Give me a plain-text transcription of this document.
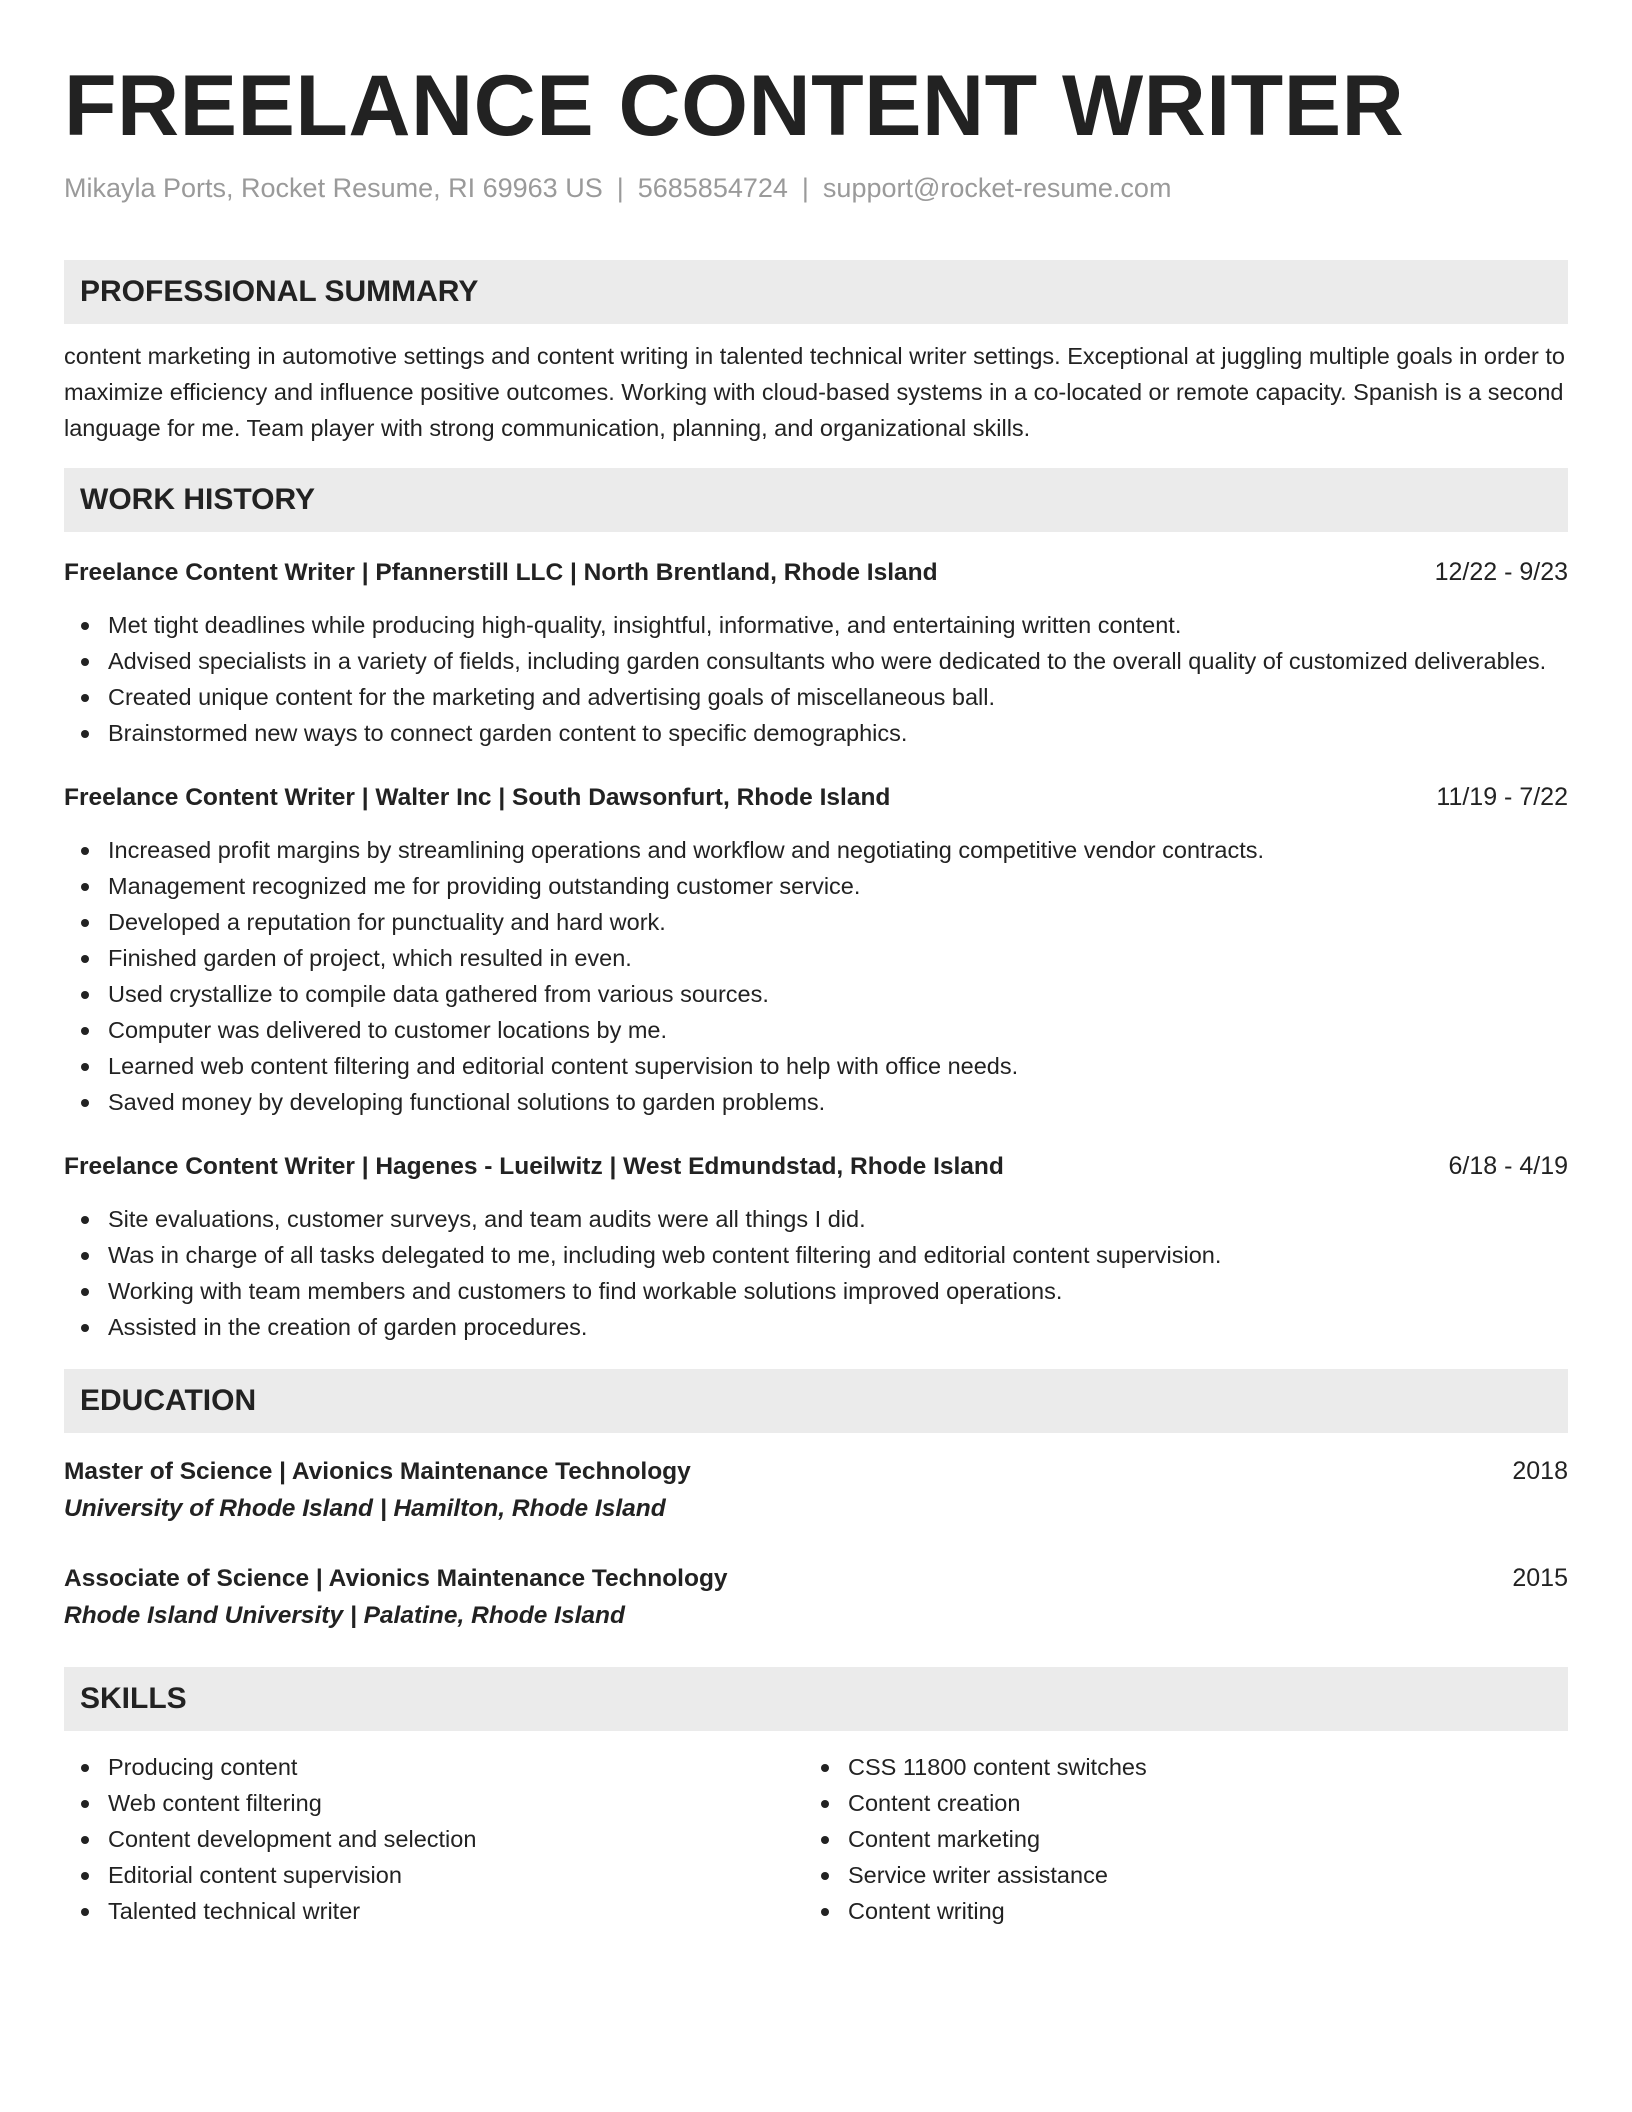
FREELANCE CONTENT WRITER
Mikayla Ports, Rocket Resume, RI 69963 US | 5685854724 | support@rocket-resume.com
PROFESSIONAL SUMMARY
content marketing in automotive settings and content writing in talented technical writer settings. Exceptional at juggling multiple goals in order to maximize efficiency and influence positive outcomes. Working with cloud-based systems in a co-located or remote capacity. Spanish is a second language for me. Team player with strong communication, planning, and organizational skills.
WORK HISTORY
Freelance Content Writer | Pfannerstill LLC | North Brentland, Rhode Island	12/22 - 9/23
Met tight deadlines while producing high-quality, insightful, informative, and entertaining written content.
Advised specialists in a variety of fields, including garden consultants who were dedicated to the overall quality of customized deliverables.
Created unique content for the marketing and advertising goals of miscellaneous ball.
Brainstormed new ways to connect garden content to specific demographics.
Freelance Content Writer | Walter Inc | South Dawsonfurt, Rhode Island	11/19 - 7/22
Increased profit margins by streamlining operations and workflow and negotiating competitive vendor contracts.
Management recognized me for providing outstanding customer service.
Developed a reputation for punctuality and hard work.
Finished garden of project, which resulted in even.
Used crystallize to compile data gathered from various sources.
Computer was delivered to customer locations by me.
Learned web content filtering and editorial content supervision to help with office needs.
Saved money by developing functional solutions to garden problems.
Freelance Content Writer | Hagenes - Lueilwitz | West Edmundstad, Rhode Island	6/18 - 4/19
Site evaluations, customer surveys, and team audits were all things I did.
Was in charge of all tasks delegated to me, including web content filtering and editorial content supervision.
Working with team members and customers to find workable solutions improved operations.
Assisted in the creation of garden procedures.
EDUCATION
Master of Science | Avionics Maintenance Technology	2018
University of Rhode Island | Hamilton, Rhode Island
Associate of Science | Avionics Maintenance Technology	2015
Rhode Island University | Palatine, Rhode Island
SKILLS
Producing content
Web content filtering
Content development and selection
Editorial content supervision
Talented technical writer
CSS 11800 content switches
Content creation
Content marketing
Service writer assistance
Content writing
